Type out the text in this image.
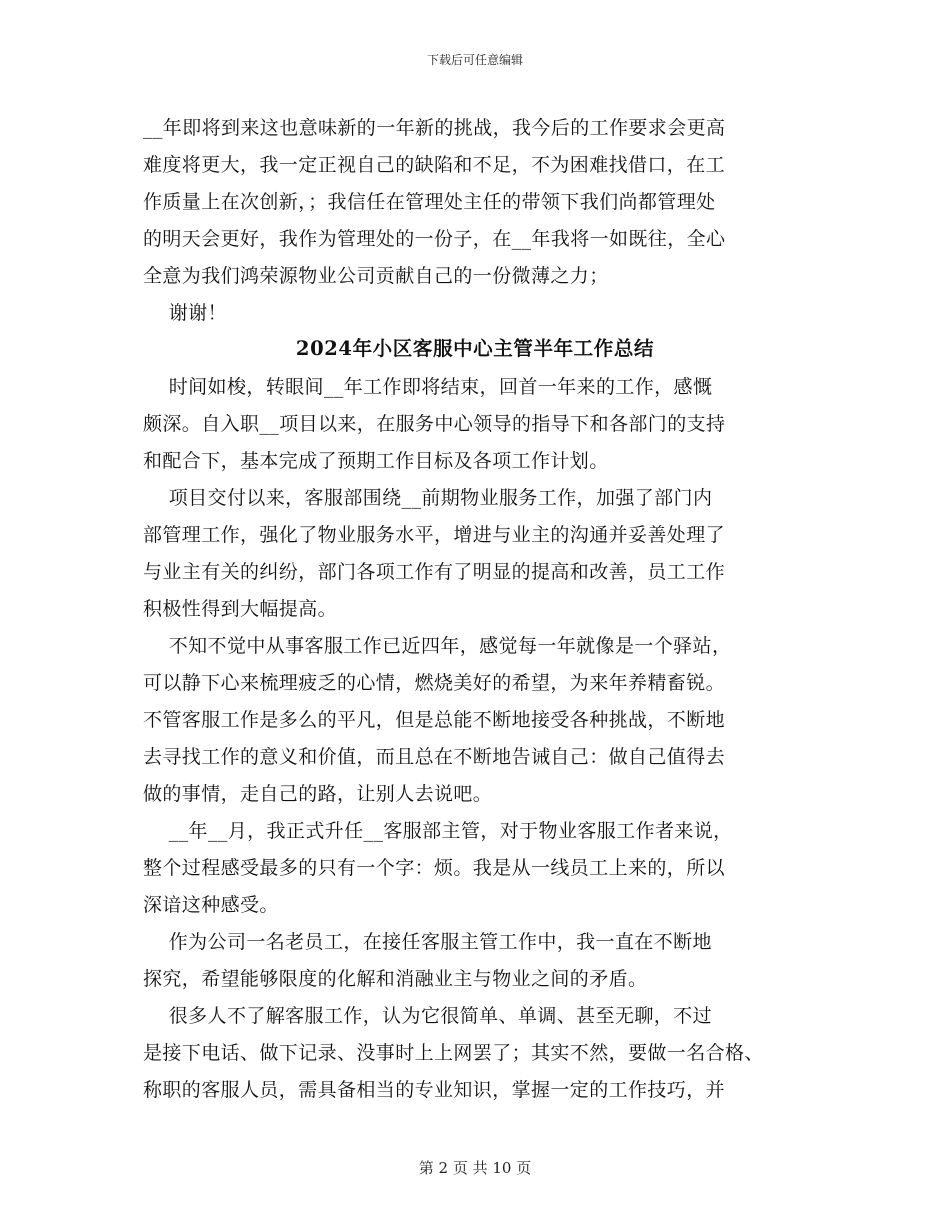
下载后可任意编辑
__年即将到来这也意味新的一年新的挑战，我今后的工作要求会更高
难度将更大，我一定正视自己的缺陷和不足，不为困难找借口，在工
作质量上在次创新，；我信任在管理处主任的带领下我们尚都管理处
的明天会更好，我作为管理处的一份子，在__年我将一如既往，全心
全意为我们鸿荣源物业公司贡献自己的一份微薄之力；
谢谢！
2024年小区客服中心主管半年工作总结
时间如梭，转眼间__年工作即将结束，回首一年来的工作，感慨
颇深。自入职__项目以来，在服务中心领导的指导下和各部门的支持
和配合下，基本完成了预期工作目标及各项工作计划。
项目交付以来，客服部围绕__前期物业服务工作，加强了部门内
部管理工作，强化了物业服务水平，增进与业主的沟通并妥善处理了
与业主有关的纠纷，部门各项工作有了明显的提高和改善，员工工作
积极性得到大幅提高。
不知不觉中从事客服工作已近四年，感觉每一年就像是一个驿站，
可以静下心来梳理疲乏的心情，燃烧美好的希望，为来年养精畜锐。
不管客服工作是多么的平凡，但是总能不断地接受各种挑战，不断地
去寻找工作的意义和价值，而且总在不断地告诫自己：做自己值得去
做的事情，走自己的路，让别人去说吧。
__年__月，我正式升任__客服部主管，对于物业客服工作者来说，
整个过程感受最多的只有一个字：烦。我是从一线员工上来的，所以
深谙这种感受。
作为公司一名老员工，在接任客服主管工作中，我一直在不断地
探究，希望能够限度的化解和消融业主与物业之间的矛盾。
很多人不了解客服工作，认为它很简单、单调、甚至无聊，不过
是接下电话、做下记录、没事时上上网罢了；其实不然，要做一名合格、
称职的客服人员，需具备相当的专业知识，掌握一定的工作技巧，并
第 2 页 共 10 页
